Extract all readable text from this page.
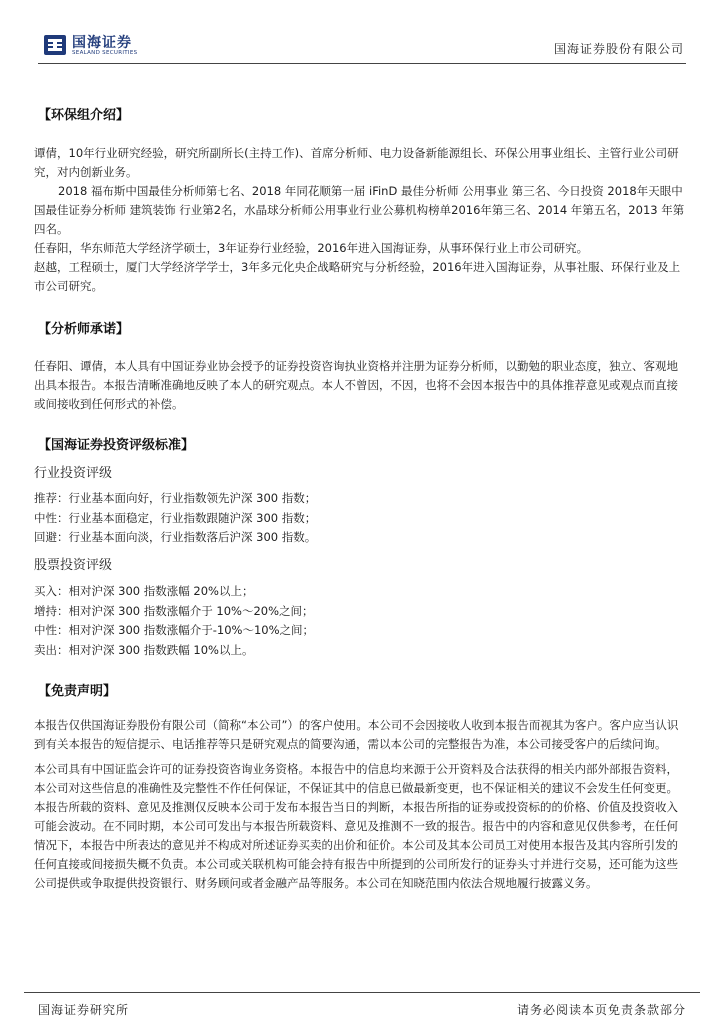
国海证券
SEALAND SECURITIES	国海证券股份有限公司
【环保组介绍】

谭倩，10年行业研究经验，研究所副所长(主持工作)、首席分析师、电力设备新能源组长、环保公用事业组长、主管行业公司研究，对内创新业务。

2018 福布斯中国最佳分析师第七名、2018 年同花顺第一届 iFinD 最佳分析师 公用事业 第三名、今日投资 2018年天眼中国最佳证券分析师 建筑装饰 行业第2名，水晶球分析师公用事业行业公募机构榜单2016年第三名、2014 年第五名，2013 年第四名。

任春阳，华东师范大学经济学硕士，3年证券行业经验，2016年进入国海证券，从事环保行业上市公司研究。

赵越，工程硕士，厦门大学经济学学士，3年多元化央企战略研究与分析经验，2016年进入国海证券，从事社服、环保行业及上市公司研究。

【分析师承诺】

任春阳、谭倩，本人具有中国证券业协会授予的证券投资咨询执业资格并注册为证券分析师，以勤勉的职业态度，独立、客观地出具本报告。本报告清晰准确地反映了本人的研究观点。本人不曾因，不因，也将不会因本报告中的具体推荐意见或观点而直接或间接收到任何形式的补偿。

【国海证券投资评级标准】
行业投资评级
推荐：行业基本面向好，行业指数领先沪深 300 指数；
中性：行业基本面稳定，行业指数跟随沪深 300 指数；
回避：行业基本面向淡，行业指数落后沪深 300 指数。
股票投资评级
买入：相对沪深 300 指数涨幅 20%以上；
增持：相对沪深 300 指数涨幅介于 10%～20%之间；
中性：相对沪深 300 指数涨幅介于-10%～10%之间；
卖出：相对沪深 300 指数跌幅 10%以上。
【免责声明】

本报告仅供国海证券股份有限公司（简称“本公司”）的客户使用。本公司不会因接收人收到本报告而视其为客户。客户应当认识到有关本报告的短信提示、电话推荐等只是研究观点的简要沟通，需以本公司的完整报告为准，本公司接受客户的后续问询。

本公司具有中国证监会许可的证券投资咨询业务资格。本报告中的信息均来源于公开资料及合法获得的相关内部外部报告资料，本公司对这些信息的准确性及完整性不作任何保证，不保证其中的信息已做最新变更，也不保证相关的建议不会发生任何变更。本报告所载的资料、意见及推测仅反映本公司于发布本报告当日的判断，本报告所指的证券或投资标的的价格、价值及投资收入可能会波动。在不同时期，本公司可发出与本报告所载资料、意见及推测不一致的报告。报告中的内容和意见仅供参考，在任何情况下，本报告中所表达的意见并不构成对所述证券买卖的出价和征价。本公司及其本公司员工对使用本报告及其内容所引发的任何直接或间接损失概不负责。本公司或关联机构可能会持有报告中所提到的公司所发行的证券头寸并进行交易，还可能为这些公司提供或争取提供投资银行、财务顾问或者金融产品等服务。本公司在知晓范围内依法合规地履行披露义务。

国海证券研究所	请务必阅读本页免责条款部分
